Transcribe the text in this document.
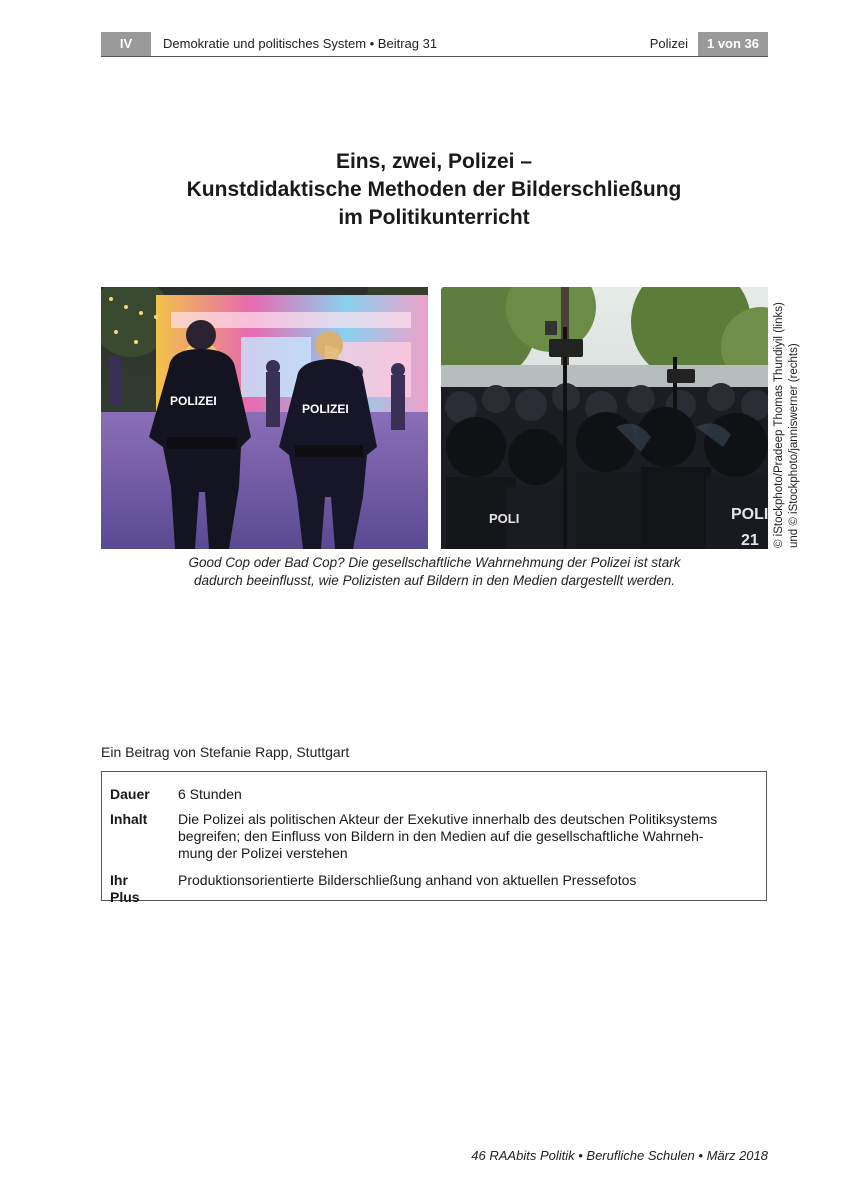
IV	Demokratie und politisches System • Beitrag 31	Polizei	1 von 36
Eins, zwei, Polizei –
Kunstdidaktische Methoden der Bilderschließung
im Politikunterricht
POLIZEI
POLIZEI
POLI	POLI
21 © iStockphoto/Pradeep Thomas Thundiyil (links) und © iStockphoto/janniswerner (rechts)
Good Cop oder Bad Cop? Die gesellschaftliche Wahrnehmung der Polizei ist stark
dadurch beeinflusst, wie Polizisten auf Bildern in den Medien dargestellt werden.
Ein Beitrag von Stefanie Rapp, Stuttgart
Dauer 6 Stunden
Inhalt Die Polizei als politischen Akteur der Exekutive innerhalb des deutschen Politiksystems
begreifen; den Einfluss von Bildern in den Medien auf die gesellschaftliche Wahrneh-
mung der Polizei verstehen
Ihr Plus
Produktionsorientierte Bilderschließung anhand von aktuellen Pressefotos
46 RAAbits Politik • Berufliche Schulen • März 2018
